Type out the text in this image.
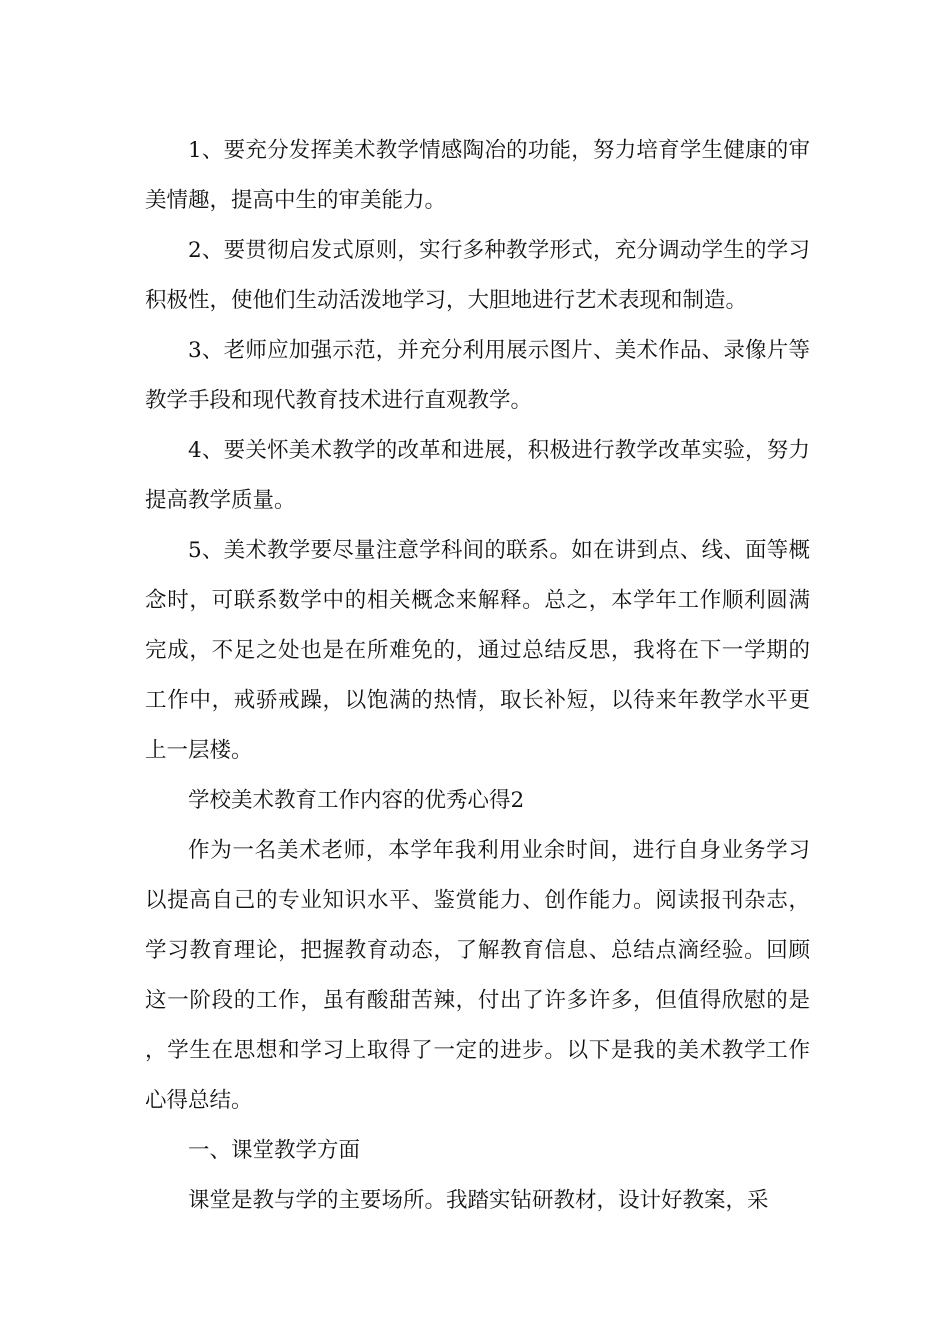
1、要充分发挥美术教学情感陶冶的功能，努力培育学生健康的审美情趣，提高中生的审美能力。

2、要贯彻启发式原则，实行多种教学形式，充分调动学生的学习积极性，使他们生动活泼地学习，大胆地进行艺术表现和制造。

3、老师应加强示范，并充分利用展示图片、美术作品、录像片等教学手段和现代教育技术进行直观教学。

4、要关怀美术教学的改革和进展，积极进行教学改革实验，努力提高教学质量。

5、美术教学要尽量注意学科间的联系。如在讲到点、线、面等概念时，可联系数学中的相关概念来解释。总之，本学年工作顺利圆满完成，不足之处也是在所难免的，通过总结反思，我将在下一学期的工作中，戒骄戒躁，以饱满的热情，取长补短，以待来年教学水平更上一层楼。

学校美术教育工作内容的优秀心得2

作为一名美术老师，本学年我利用业余时间，进行自身业务学习以提高自己的专业知识水平、鉴赏能力、创作能力。阅读报刊杂志，学习教育理论，把握教育动态，了解教育信息、总结点滴经验。回顾这一阶段的工作，虽有酸甜苦辣，付出了许多许多，但值得欣慰的是，学生在思想和学习上取得了一定的进步。以下是我的美术教学工作心得总结。

一、课堂教学方面

课堂是教与学的主要场所。我踏实钻研教材，设计好教案，采
